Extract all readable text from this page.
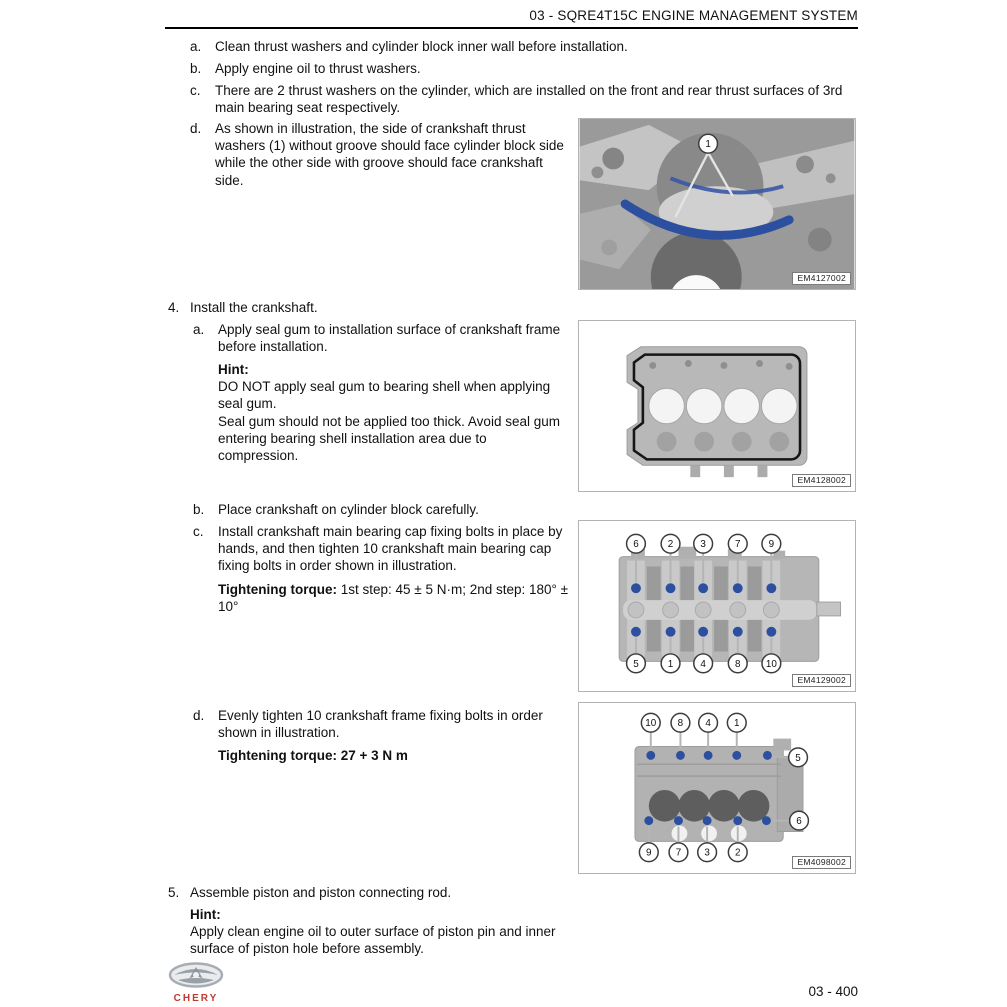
03 - SQRE4T15C ENGINE MANAGEMENT SYSTEM
a.	Clean thrust washers and cylinder block inner wall before installation.
b.	Apply engine oil to thrust washers.
c.	There are 2 thrust washers on the cylinder, which are installed on the front and rear thrust surfaces of 3rd main bearing seat respectively.
d.	As shown in illustration, the side of crankshaft thrust washers (1) without groove should face cylinder block side while the other side with groove should face crankshaft side.
1
EM4127002
4. Install the crankshaft.
a.	Apply seal gum to installation surface of crankshaft frame before installation.
Hint:
DO NOT apply seal gum to bearing shell when applying seal gum.
Seal gum should not be applied too thick. Avoid seal gum entering bearing shell installation area due to compression.
EM4128002
b.	Place crankshaft on cylinder block carefully.
c.	Install crankshaft main bearing cap fixing bolts in place by hands, and then tighten 10 crankshaft main bearing cap fixing bolts in order shown in illustration.
Tightening torque: 1st step: 45 ± 5 N·m; 2nd step: 180° ± 10°
6
5
2
1
3
4
7
8
9
10
EM4129002
d.	Evenly tighten 10 crankshaft frame fixing bolts in order shown in illustration.
Tightening torque: 27 + 3 N m
10 8 4 1
9 7 3	2
5
6
EM4098002
5. Assemble piston and piston connecting rod.
Hint:
Apply clean engine oil to outer surface of piston pin and inner surface of piston hole before assembly.
CHERY	03 - 400
